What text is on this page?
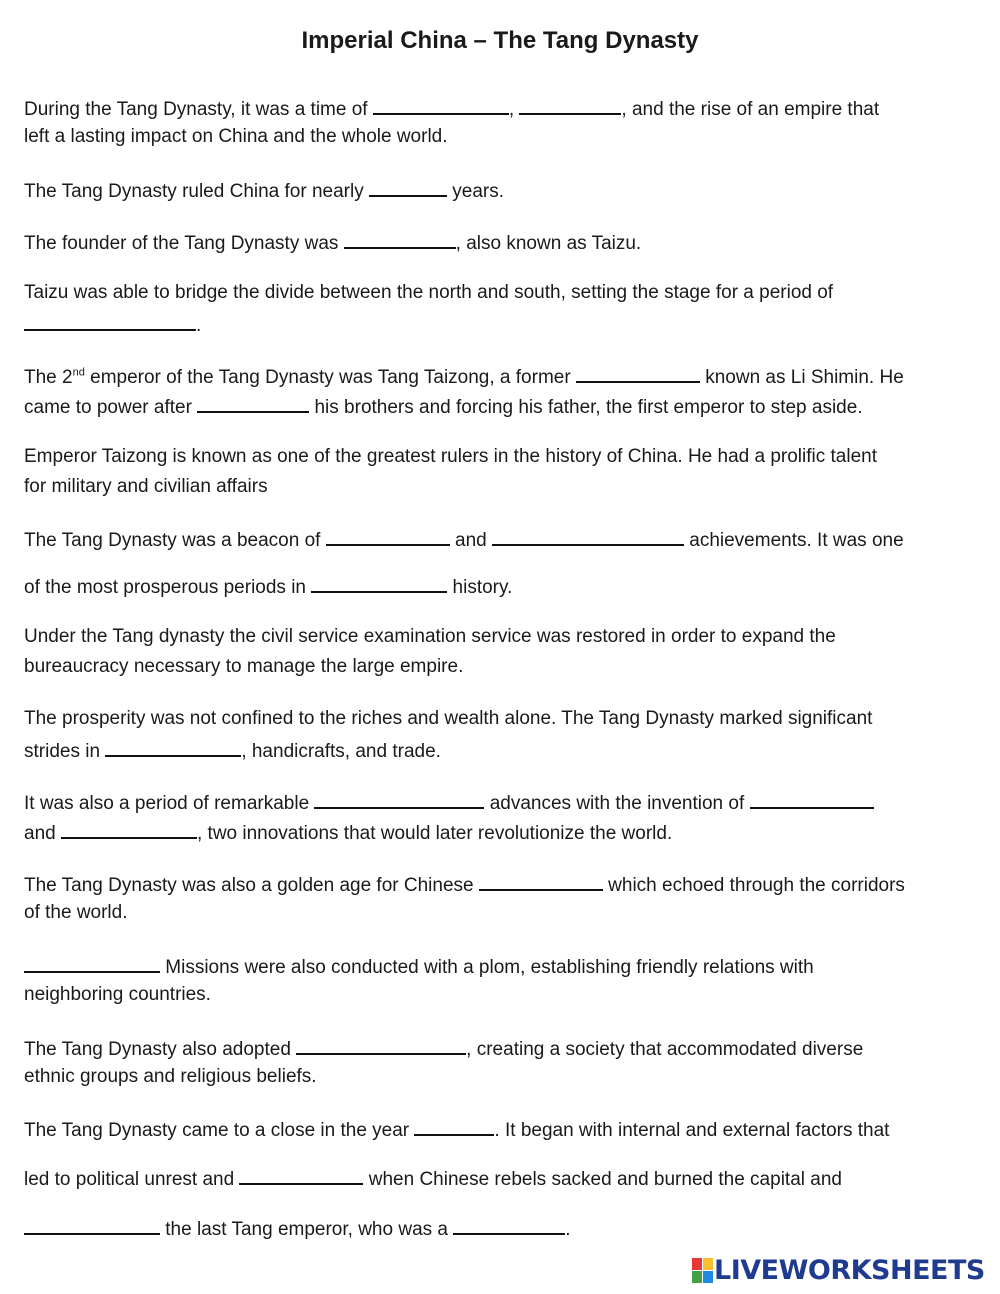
Imperial China – The Tang Dynasty
During the Tang Dynasty, it was a time of	,	, and the rise of an empire that
left a lasting impact on China and the whole world.
The Tang Dynasty ruled China for nearly	years.
The founder of the Tang Dynasty was	, also known as Taizu.
Taizu was able to bridge the divide between the north and south, setting the stage for a period of
.
The 2nd emperor of the Tang Dynasty was Tang Taizong, a former	known as Li Shimin. He
came to power after	his brothers and forcing his father, the first emperor to step aside.
Emperor Taizong is known as one of the greatest rulers in the history of China. He had a prolific talent
for military and civilian affairs
The Tang Dynasty was a beacon of	and	achievements. It was one
of the most prosperous periods in	history.
Under the Tang dynasty the civil service examination service was restored in order to expand the
bureaucracy necessary to manage the large empire.
The prosperity was not confined to the riches and wealth alone. The Tang Dynasty marked significant
strides in	, handicrafts, and trade.
It was also a period of remarkable	advances with the invention of
and	, two innovations that would later revolutionize the world.
The Tang Dynasty was also a golden age for Chinese	which echoed through the corridors
of the world.
Missions were also conducted with a plom, establishing friendly relations with
neighboring countries.
The Tang Dynasty also adopted	, creating a society that accommodated diverse
ethnic groups and religious beliefs.
The Tang Dynasty came to a close in the year	. It began with internal and external factors that
led to political unrest and	when Chinese rebels sacked and burned the capital and
the last Tang emperor, who was a	.
LIVEWORKSHEETS
